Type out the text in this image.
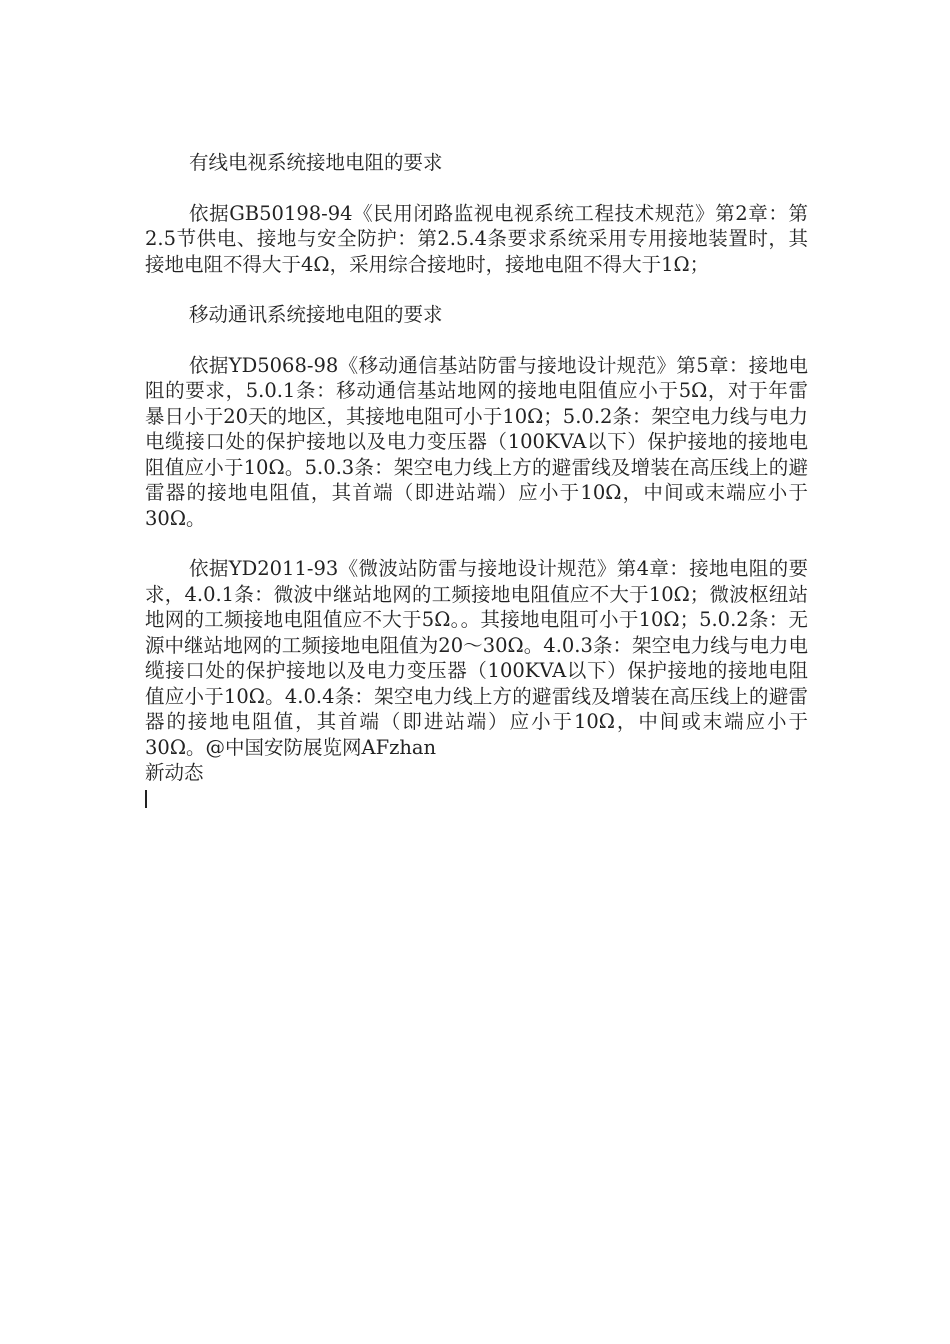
有线电视系统接地电阻的要求

依据GB50198-94《民用闭路监视电视系统工程技术规范》第2章：第2.5节供电、接地与安全防护：第2.5.4条要求系统采用专用接地装置时，其接地电阻不得大于4Ω，采用综合接地时，接地电阻不得大于1Ω；

移动通讯系统接地电阻的要求

依据YD5068-98《移动通信基站防雷与接地设计规范》第5章：接地电阻的要求，5.0.1条：移动通信基站地网的接地电阻值应小于5Ω，对于年雷暴日小于20天的地区，其接地电阻可小于10Ω；5.0.2条：架空电力线与电力电缆接口处的保护接地以及电力变压器（100KVA以下）保护接地的接地电阻值应小于10Ω。5.0.3条：架空电力线上方的避雷线及增装在高压线上的避雷器的接地电阻值，其首端（即进站端）应小于10Ω，中间或末端应小于30Ω。

依据YD2011-93《微波站防雷与接地设计规范》第4章：接地电阻的要求，4.0.1条：微波中继站地网的工频接地电阻值应不大于10Ω；微波枢纽站地网的工频接地电阻值应不大于5Ω。。其接地电阻可小于10Ω；5.0.2条：无源中继站地网的工频接地电阻值为20～30Ω。4.0.3条：架空电力线与电力电缆接口处的保护接地以及电力变压器（100KVA以下）保护接地的接地电阻值应小于10Ω。4.0.4条：架空电力线上方的避雷线及增装在高压线上的避雷器的接地电阻值，其首端（即进站端）应小于10Ω，中间或末端应小于30Ω。@中国安防展览网AFzhan

新动态
